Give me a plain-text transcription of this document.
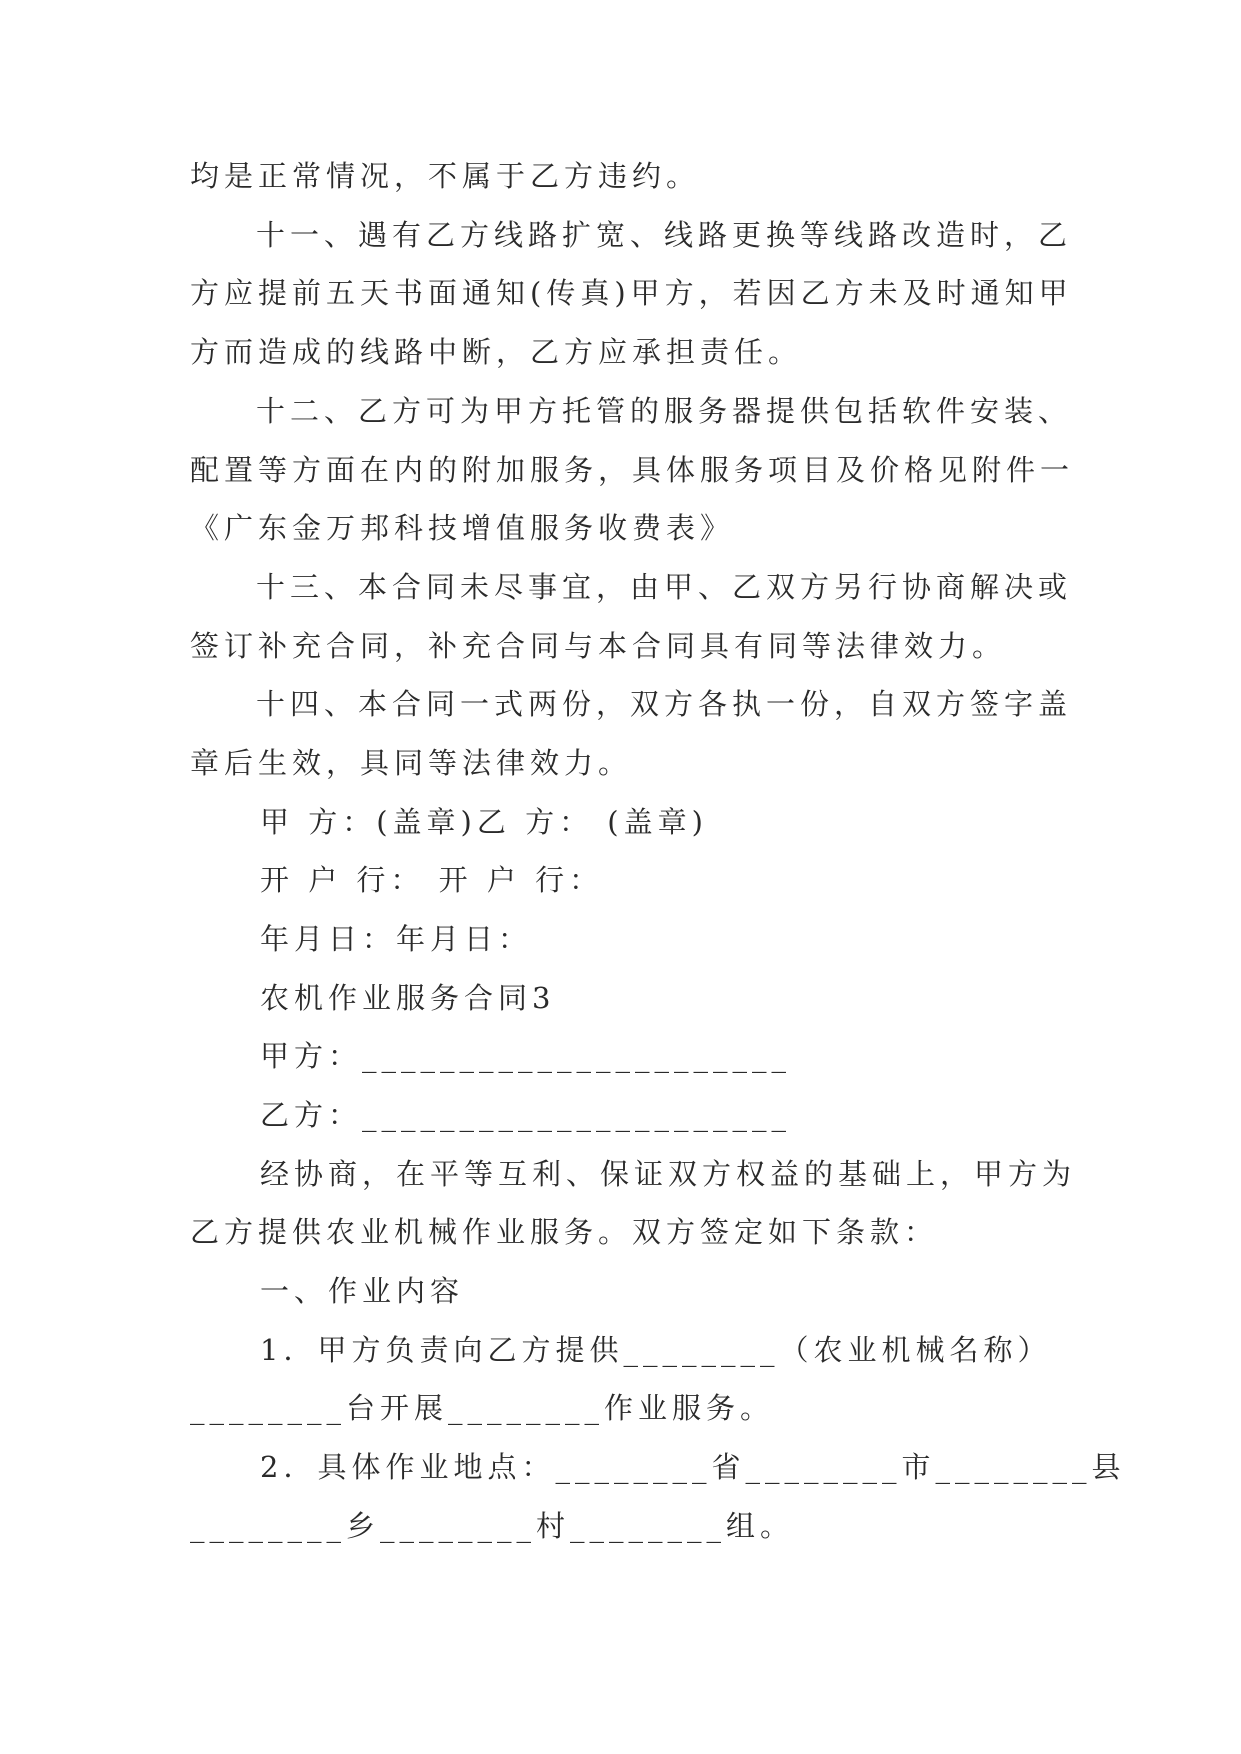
均是正常情况，不属于乙方违约。
十一、遇有乙方线路扩宽、线路更换等线路改造时，乙
方应提前五天书面通知(传真)甲方，若因乙方未及时通知甲
方而造成的线路中断，乙方应承担责任。
十二、乙方可为甲方托管的服务器提供包括软件安装、
配置等方面在内的附加服务，具体服务项目及价格见附件一
《广东金万邦科技增值服务收费表》
十三、本合同未尽事宜，由甲、乙双方另行协商解决或
签订补充合同，补充合同与本合同具有同等法律效力。
十四、本合同一式两份，双方各执一份，自双方签字盖
章后生效，具同等法律效力。
甲 方：(盖章)乙 方： (盖章)
开 户 行： 开 户 行：
年月日：年月日：
农机作业服务合同3
甲方：______________________
乙方：______________________
经协商，在平等互利、保证双方权益的基础上，甲方为
乙方提供农业机械作业服务。双方签定如下条款：
一、作业内容
1．甲方负责向乙方提供________（农业机械名称）
________台开展________作业服务。
2．具体作业地点：________省________市________县
________乡________村________组。
